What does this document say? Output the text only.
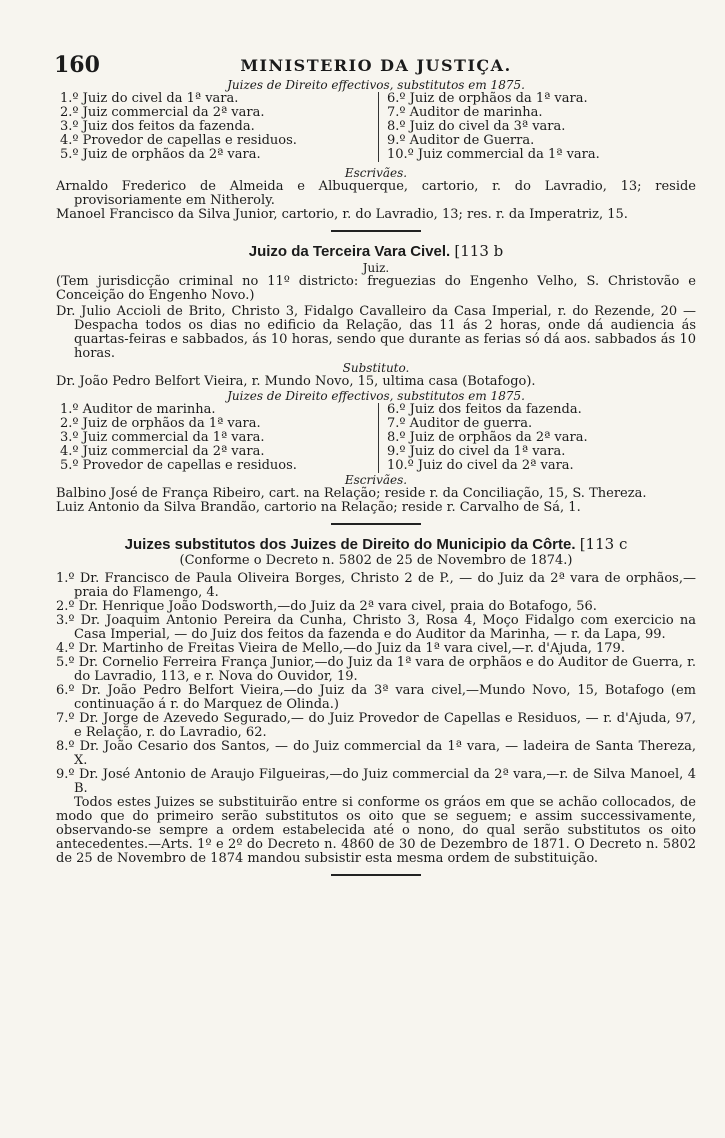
160	MINISTERIO DA JUSTIÇA.
Juizes de Direito effectivos, substitutos em 1875.
1.º Juiz do civel da 1ª vara.
2.º Juiz commercial da 2ª vara.
3.º Juiz dos feitos da fazenda.
4.º Provedor de capellas e residuos.
5.º Juiz de orphãos da 2ª vara.
6.º Juiz de orphãos da 1ª vara.
7.º Auditor de marinha.
8.º Juiz do civel da 3ª vara.
9.º Auditor de Guerra.
10.º Juiz commercial da 1ª vara.
Escrivães.
Arnaldo Frederico de Almeida e Albuquerque, cartorio, r. do Lavradio, 13; reside provisoriamente em Nitheroly.
Manoel Francisco da Silva Junior, cartorio, r. do Lavradio, 13; res. r. da Imperatriz, 15.
Juizo da Terceira Vara Civel. [113 b
Juiz.
(Tem jurisdicção criminal no 11º districto: freguezias do Engenho Velho, S. Christovão e Conceição do Engenho Novo.)
Dr. Julio Accioli de Brito, Christo 3, Fidalgo Cavalleiro da Casa Imperial, r. do Rezende, 20 —Despacha todos os dias no edificio da Relação, das 11 ás 2 horas, onde dá audiencia ás quartas-feiras e sabbados, ás 10 horas, sendo que durante as ferias só dá aos. sabbados ás 10 horas.
Substituto.
Dr. João Pedro Belfort Vieira, r. Mundo Novo, 15, ultima casa (Botafogo).
Juizes de Direito effectivos, substitutos em 1875.
1.º Auditor de marinha.
2.º Juiz de orphãos da 1ª vara.
3.º Juiz commercial da 1ª vara.
4.º Juiz commercial da 2ª vara.
5.º Provedor de capellas e residuos.
6.º Juiz dos feitos da fazenda.
7.º Auditor de guerra.
8.º Juiz de orphãos da 2ª vara.
9.º Juiz do civel da 1ª vara.
10.º Juiz do civel da 2ª vara.
Escrivães.
Balbino José de França Ribeiro, cart. na Relação; reside r. da Conciliação, 15, S. Thereza.
Luiz Antonio da Silva Brandão, cartorio na Relação; reside r. Carvalho de Sá, 1.
Juizes substitutos dos Juizes de Direito do Municipio da Côrte. [113 c
(Conforme o Decreto n. 5802 de 25 de Novembro de 1874.)
1.º Dr. Francisco de Paula Oliveira Borges, Christo 2 de P., — do Juiz da 2ª vara de orphãos,—praia do Flamengo, 4.
2.º Dr. Henrique João Dodsworth,—do Juiz da 2ª vara civel, praia do Botafogo, 56.
3.º Dr. Joaquim Antonio Pereira da Cunha, Christo 3, Rosa 4, Moço Fidalgo com exercicio na Casa Imperial, — do Juiz dos feitos da fazenda e do Auditor da Marinha, — r. da Lapa, 99.
4.º Dr. Martinho de Freitas Vieira de Mello,—do Juiz da 1ª vara civel,—r. d'Ajuda, 179.
5.º Dr. Cornelio Ferreira França Junior,—do Juiz da 1ª vara de orphãos e do Auditor de Guerra, r. do Lavradio, 113, e r. Nova do Ouvidor, 19.
6.º Dr. João Pedro Belfort Vieira,—do Juiz da 3ª vara civel,—Mundo Novo, 15, Botafogo (em continuação á r. do Marquez de Olinda.)
7.º Dr. Jorge de Azevedo Segurado,— do Juiz Provedor de Capellas e Residuos, — r. d'Ajuda, 97, e Relação, r. do Lavradio, 62.
8.º Dr. João Cesario dos Santos, — do Juiz commercial da 1ª vara, — ladeira de Santa Thereza, X.
9.º Dr. José Antonio de Araujo Filgueiras,—do Juiz commercial da 2ª vara,—r. de Silva Manoel, 4 B.
Todos estes Juizes se substituirão entre si conforme os gráos em que se achão collocados, de modo que do primeiro serão substitutos os oito que se seguem; e assim successivamente, observando-se sempre a ordem estabelecida até o nono, do qual serão substitutos os oito antecedentes.—Arts. 1º e 2º do Decreto n. 4860 de 30 de Dezembro de 1871. O Decreto n. 5802 de 25 de Novembro de 1874 mandou subsistir esta mesma ordem de substituição.
